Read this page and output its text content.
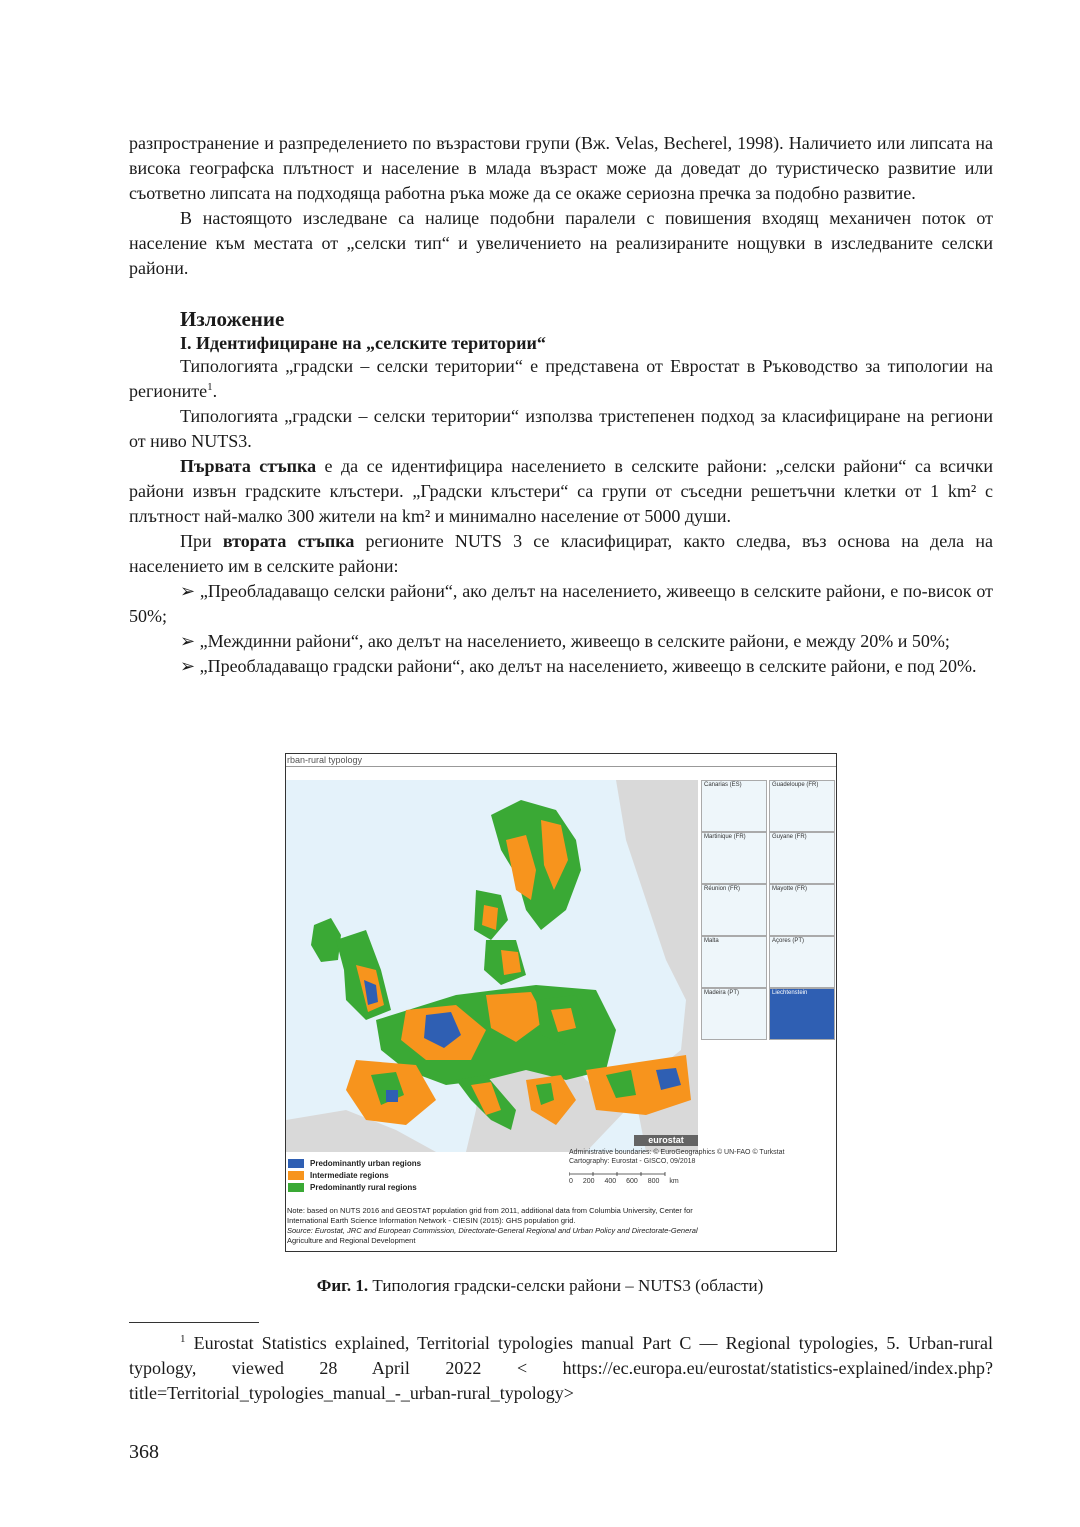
разпространение и разпределението по възрастови групи (Вж. Velas, Becherel, 1998). Наличието или липсата на висока географска плътност и население в млада възраст може да доведат до туристическо развитие или съответно липсата на подходяща работна ръка може да се окаже сериозна пречка за подобно развитие.

В настоящото изследване са налице подобни паралели с повишения входящ механичен поток от население към местата от „селски тип“ и увеличението на реализираните нощувки в изследваните селски райони.

Изложение
I. Идентифициране на „селските територии“

Типологията „градски – селски територии“ е представена от Евростат в Ръководство за типологии на регионите$^1$.

Типологията „градски – селски територии“ използва тристепенен подход за класифициране на региони от ниво NUTS3.

Първата стъпка е да се идентифицира населението в селските райони: „селски райони“ са всички райони извън градските клъстери. „Градски клъстери“ са групи от съседни решетъчни клетки от 1 km² с плътност най-малко 300 жители на km² и минимално население от 5000 души.

При втората стъпка регионите NUTS 3 се класифицират, както следва, въз основа на дела на населението им в селските райони:

➢ „Преобладаващо селски райони“, ако делът на населението, живеещо в селските райони, е по-висок от 50%;

➢ „Междинни райони“, ако делът на населението, живеещо в селските райони, е между 20% и 50%;

➢ „Преобладаващо градски райони“, ако делът на населението, живеещо в селските райони, е под 20%.

rban-rural typology
Canarias (ES)	Guadeloupe (FR)
Martinique (FR)	Guyane (FR)
Réunion (FR)	Mayotte (FR)
Malta	Açores (PT)
Madeira (PT)	Liechtenstein
eurostat
Predominantly urban regions
Intermediate regions
Predominantly rural regions
Administrative boundaries: © EuroGeographics © UN-FAO © Turkstat
Cartography: Eurostat - GISCO, 09/2018
0 200 400 600 800 km
Note: based on NUTS 2016 and GEOSTAT population grid from 2011, additional data from Columbia University, Center for
International Earth Science Information Network - CIESIN (2015): GHS population grid.
Source: Eurostat, JRC and European Commission, Directorate-General Regional and Urban Policy and Directorate-General
Agriculture and Regional Development
Фиг. 1. Типология градски-селски райони – NUTS3 (области)

$^1$ Eurostat Statistics explained, Territorial typologies manual Part C — Regional typologies, 5. Urban-rural typology, viewed 28 April 2022 < https://ec.europa.eu/eurostat/statistics-explained/index.php?title=Territorial_typologies_manual_-_urban-rural_typology>

368
